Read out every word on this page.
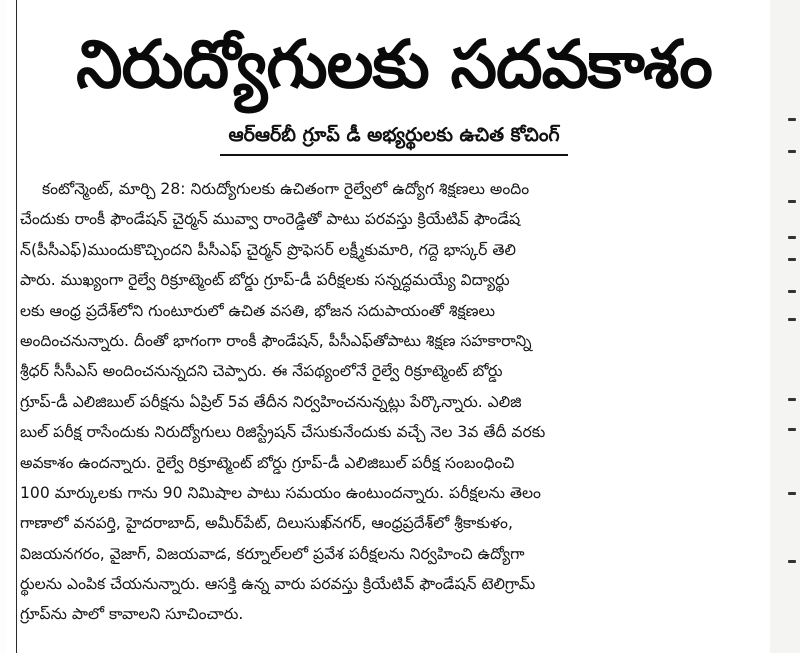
నిరుద్యోగులకు సదవకాశం
ఆర్ఆర్‌బీ గ్రూప్ డీ అభ్యర్థులకు ఉచిత కోచింగ్
కంటోన్మెంట్, మార్చి 28: నిరుద్యోగులకు ఉచితంగా రైల్వేలో ఉద్యోగ శిక్షణలు అందిం
చేందుకు రాంకీ ఫౌండేషన్ చైర్మన్ మువ్వా రాంరెడ్డితో పాటు పరవస్తు క్రియేటివ్ ఫౌండేష
న్(పీసీఎఫ్)ముందుకొచ్చిందని పీసీఎఫ్ చైర్మన్ ప్రొఫెసర్ లక్ష్మీకుమారి, గద్దె భాస్కర్ తెలి
పారు. ముఖ్యంగా రైల్వే రిక్రూట్మెంట్ బోర్డు గ్రూప్-డీ పరీక్షలకు సన్నద్ధమయ్యే విద్యార్థు
లకు ఆంధ్ర ప్రదేశ్‌లోని గుంటూరులో ఉచిత వసతి, భోజన సదుపాయంతో శిక్షణలు
అందించనున్నారు. దీంతో భాగంగా రాంకీ ఫౌండేషన్, పీసీఎఫ్‌తోపాటు శిక్షణ సహకారాన్ని
శ్రీధర్ సీసీఎస్ అందించనున్నదని చెప్పారు. ఈ నేపథ్యంలోనే రైల్వే రిక్రూట్మెంట్ బోర్డు
గ్రూప్-డీ ఎలిజిబుల్ పరీక్షను ఏప్రిల్ 5వ తేదీన నిర్వహించనున్నట్లు పేర్కొన్నారు. ఎలిజి
బుల్ పరీక్ష రాసేందుకు నిరుద్యోగులు రిజిస్ట్రేషన్ చేసుకునేందుకు వచ్చే నెల 3వ తేదీ వరకు
అవకాశం ఉందన్నారు. రైల్వే రిక్రూట్మెంట్ బోర్డు గ్రూప్-డీ ఎలిజిబుల్ పరీక్ష సంబంధించి
100 మార్కులకు గాను 90 నిమిషాల పాటు సమయం ఉంటుందన్నారు. పరీక్షలను తెలం
గాణాలో వనపర్తి, హైదరాబాద్, అమీర్‌పేట్, దిలుసుఖ్‌నగర్, ఆంధ్రప్రదేశ్‌లో శ్రీకాకుళం,
విజయనగరం, వైజాగ్, విజయవాడ, కర్నూల్‌లలో ప్రవేశ పరీక్షలను నిర్వహించి ఉద్యోగా
ర్థులను ఎంపిక చేయనున్నారు. ఆసక్తి ఉన్న వారు పరవస్తు క్రియేటివ్ ఫౌండేషన్ టెలిగ్రామ్
గ్రూప్‌ను పాలో కావాలని సూచించారు.
